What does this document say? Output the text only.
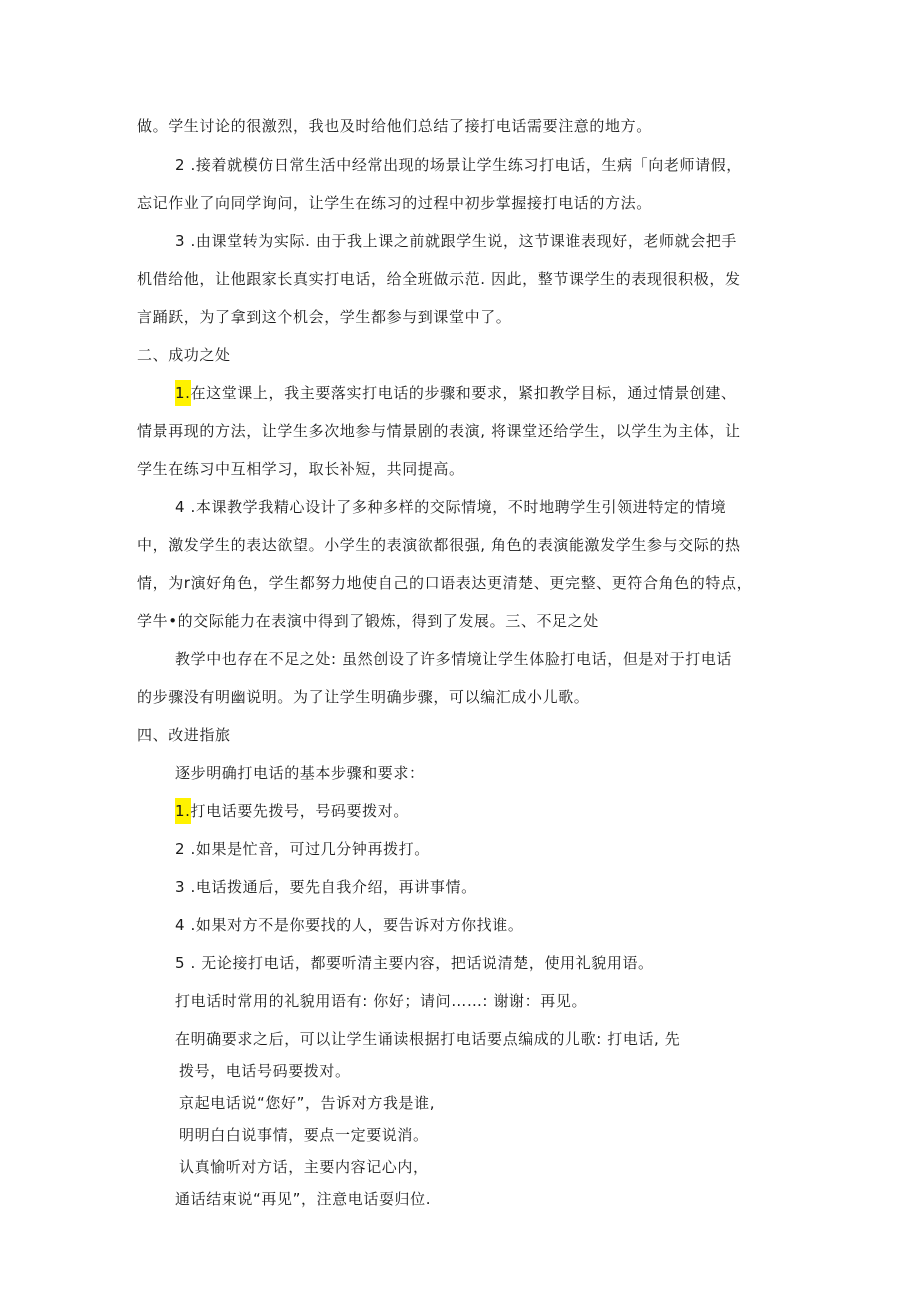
做。学生讨论的很激烈，我也及时给他们总结了接打电话需要注意的地方。
2 .接着就模仿日常生活中经常出现的场景让学生练习打电话，生病「向老师请假，
忘记作业了向同学询问，让学生在练习的过程中初步掌握接打电话的方法。
3 .由课堂转为实际. 由于我上课之前就跟学生说，这节课谁表现好，老师就会把手
机借给他，让他跟家长真实打电话，给全班做示范. 因此，整节课学生的表现很积极，发
言踊跃，为了拿到这个机会，学生都参与到课堂中了。
二、成功之处
1.在这堂课上，我主要落实打电话的步骤和要求，紧扣教学目标，通过情景创建、
情景再现的方法，让学生多次地参与情景剧的表演, 将课堂还给学生，以学生为主体，让
学生在练习中互相学习，取长补短，共同提高。
4 .本课教学我精心设计了多种多样的交际情境，不时地聘学生引领进特定的情境
中，激发学生的表达欲望。小学生的表演欲都很强, 角色的表演能激发学生参与交际的热
情，为r演好角色，学生都努力地使自己的口语表达更清楚、更完整、更符合角色的特点，
学牛•的交际能力在表演中得到了锻炼，得到了发展。三、不足之处
教学中也存在不足之处: 虽然创设了许多情境让学生体脸打电话，但是对于打电话
的步骤没有明幽说明。为了让学生明确步骤，可以编汇成小儿歌。
四、改进指旅
逐步明确打电话的基本步骤和要求：
1.打电话要先拨号，号码要拨对。
2 .如果是忙音，可过几分钟再拨打。
3 .电话拨通后，要先自我介绍，再讲事情。
4 .如果对方不是你要找的人，要告诉对方你找谁。
5 . 无论接打电话，都要听清主要内容，把话说清楚，使用礼貌用语。
打电话时常用的礼貌用语有: 你好；请问……: 谢谢：再见。
在明确要求之后，可以让学生诵读根据打电话要点编成的儿歌: 打电话, 先
拨号，电话号码要拨对。
京起电话说“您好”，告诉对方我是谁,
明明白白说事情，要点一定要说消。
认真愉听对方话，主要内容记心内，
通话结束说“再见”，注意电话耍归位.
